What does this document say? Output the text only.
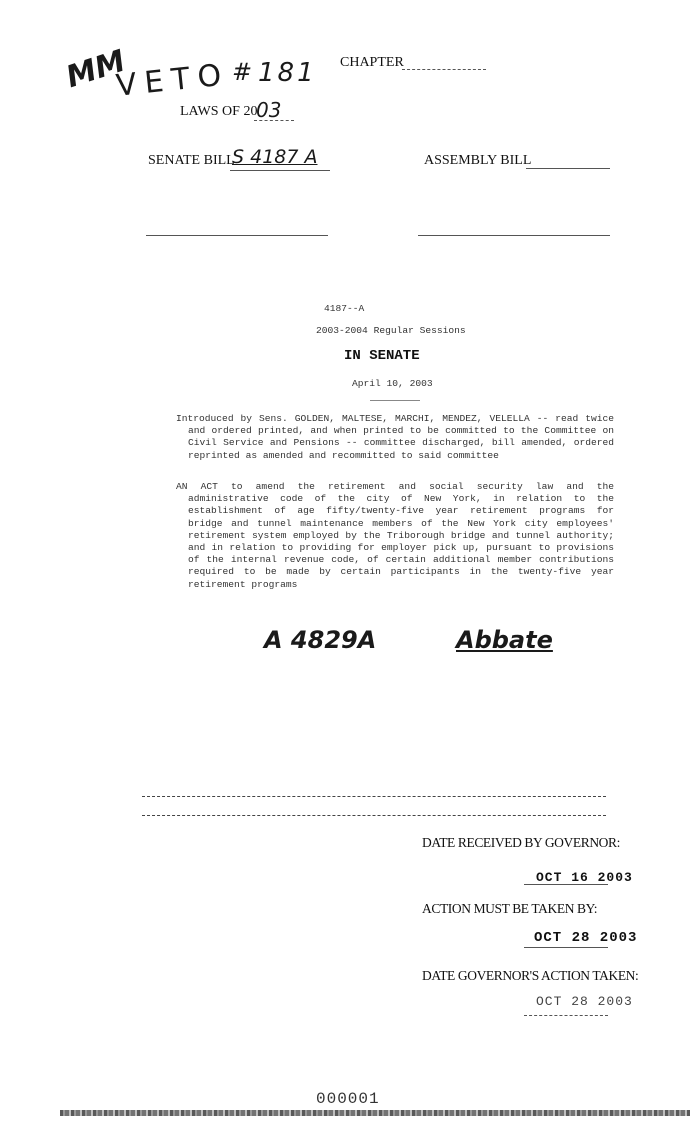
MM
VETO # 181 CHAPTER
LAWS OF 20
03
SENATE BILL
S 4187 A	ASSEMBLY BILL
4187--A
2003-2004 Regular Sessions
IN SENATE
April 10, 2003

Introduced by Sens. GOLDEN, MALTESE, MARCHI, MENDEZ, VELELLA -- read twice and ordered printed, and when printed to be committed to the Committee on Civil Service and Pensions -- committee discharged, bill amended, ordered reprinted as amended and recommitted to said committee

AN ACT to amend the retirement and social security law and the administrative code of the city of New York, in relation to the establishment of age fifty/twenty-five year retirement programs for bridge and tunnel maintenance members of the New York city employees' retirement system employed by the Triborough bridge and tunnel authority; and in relation to providing for employer pick up, pursuant to provisions of the internal revenue code, of certain additional member contributions required to be made by certain participants in the twenty-five year retirement programs

A 4829A	Abbate
DATE RECEIVED BY GOVERNOR:
OCT 16 2003
ACTION MUST BE TAKEN BY:
OCT 28 2003
DATE GOVERNOR'S ACTION TAKEN:
OCT 28 2003
000001
